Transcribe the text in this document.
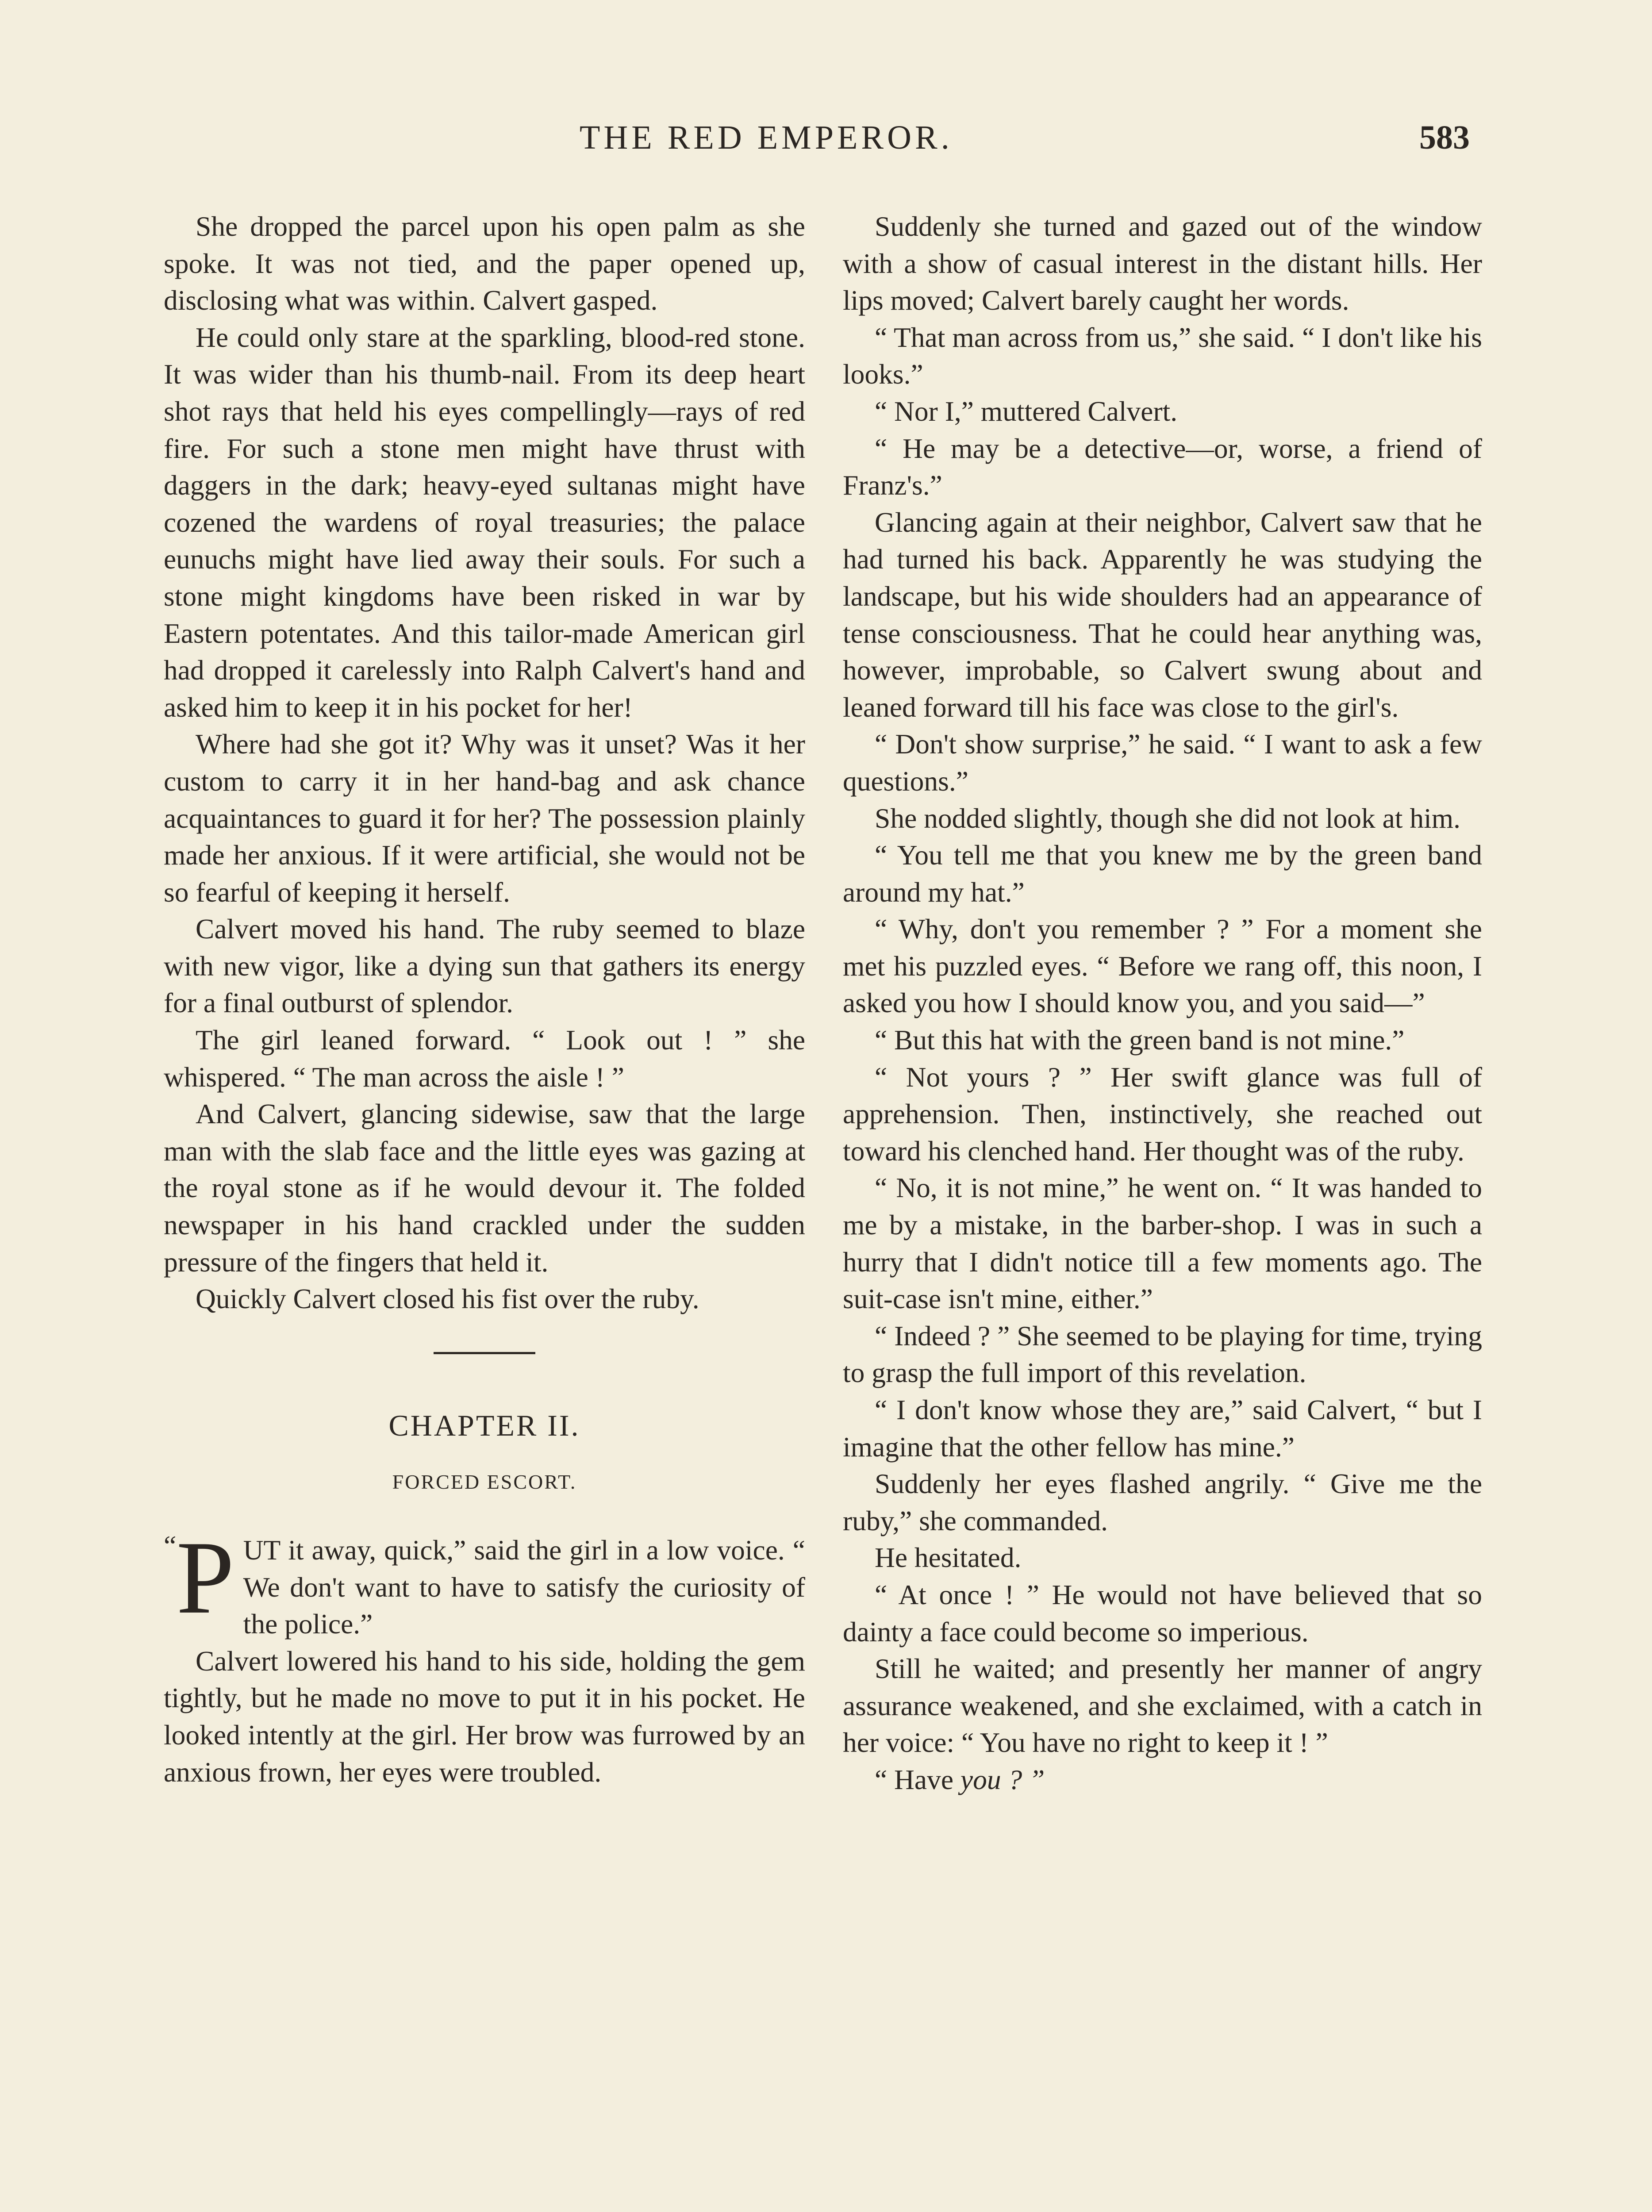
THE RED EMPEROR.	583

She dropped the parcel upon his open palm as she spoke. It was not tied, and the paper opened up, disclosing what was within. Calvert gasped.

He could only stare at the sparkling, blood-red stone. It was wider than his thumb-nail. From its deep heart shot rays that held his eyes compellingly—rays of red fire. For such a stone men might have thrust with daggers in the dark; heavy-eyed sultanas might have cozened the wardens of royal treasuries; the palace eunuchs might have lied away their souls. For such a stone might kingdoms have been risked in war by Eastern potentates. And this tailor-made American girl had dropped it carelessly into Ralph Calvert's hand and asked him to keep it in his pocket for her!

Where had she got it? Why was it unset? Was it her custom to carry it in her hand-bag and ask chance acquaintances to guard it for her? The possession plainly made her anxious. If it were artificial, she would not be so fearful of keeping it herself.

Calvert moved his hand. The ruby seemed to blaze with new vigor, like a dying sun that gathers its energy for a final outburst of splendor.

The girl leaned forward. “ Look out ! ” she whispered. “ The man across the aisle ! ”

And Calvert, glancing sidewise, saw that the large man with the slab face and the little eyes was gazing at the royal stone as if he would devour it. The folded newspaper in his hand crackled under the sudden pressure of the fingers that held it.

Quickly Calvert closed his fist over the ruby.

CHAPTER II.
FORCED ESCORT.

“ P UT it away, quick,” said the girl in a low voice. “ We don't want to have to satisfy the curiosity of the police.”

Calvert lowered his hand to his side, holding the gem tightly, but he made no move to put it in his pocket. He looked intently at the girl. Her brow was furrowed by an anxious frown, her eyes were troubled.

Suddenly she turned and gazed out of the window with a show of casual interest in the distant hills. Her lips moved; Calvert barely caught her words.

“ That man across from us,” she said. “ I don't like his looks.”

“ Nor I,” muttered Calvert.

“ He may be a detective—or, worse, a friend of Franz's.”

Glancing again at their neighbor, Calvert saw that he had turned his back. Apparently he was studying the landscape, but his wide shoulders had an appearance of tense consciousness. That he could hear anything was, however, improbable, so Calvert swung about and leaned forward till his face was close to the girl's.

“ Don't show surprise,” he said. “ I want to ask a few questions.”

She nodded slightly, though she did not look at him.

“ You tell me that you knew me by the green band around my hat.”

“ Why, don't you remember ? ” For a moment she met his puzzled eyes. “ Before we rang off, this noon, I asked you how I should know you, and you said—”

“ But this hat with the green band is not mine.”

“ Not yours ? ” Her swift glance was full of apprehension. Then, instinctively, she reached out toward his clenched hand. Her thought was of the ruby.

“ No, it is not mine,” he went on. “ It was handed to me by a mistake, in the barber-shop. I was in such a hurry that I didn't notice till a few moments ago. The suit-case isn't mine, either.”

“ Indeed ? ” She seemed to be playing for time, trying to grasp the full import of this revelation.

“ I don't know whose they are,” said Calvert, “ but I imagine that the other fellow has mine.”

Suddenly her eyes flashed angrily. “ Give me the ruby,” she commanded.

He hesitated.

“ At once ! ” He would not have believed that so dainty a face could become so imperious.

Still he waited; and presently her manner of angry assurance weakened, and she exclaimed, with a catch in her voice: “ You have no right to keep it ! ”

“ Have you ? ”
